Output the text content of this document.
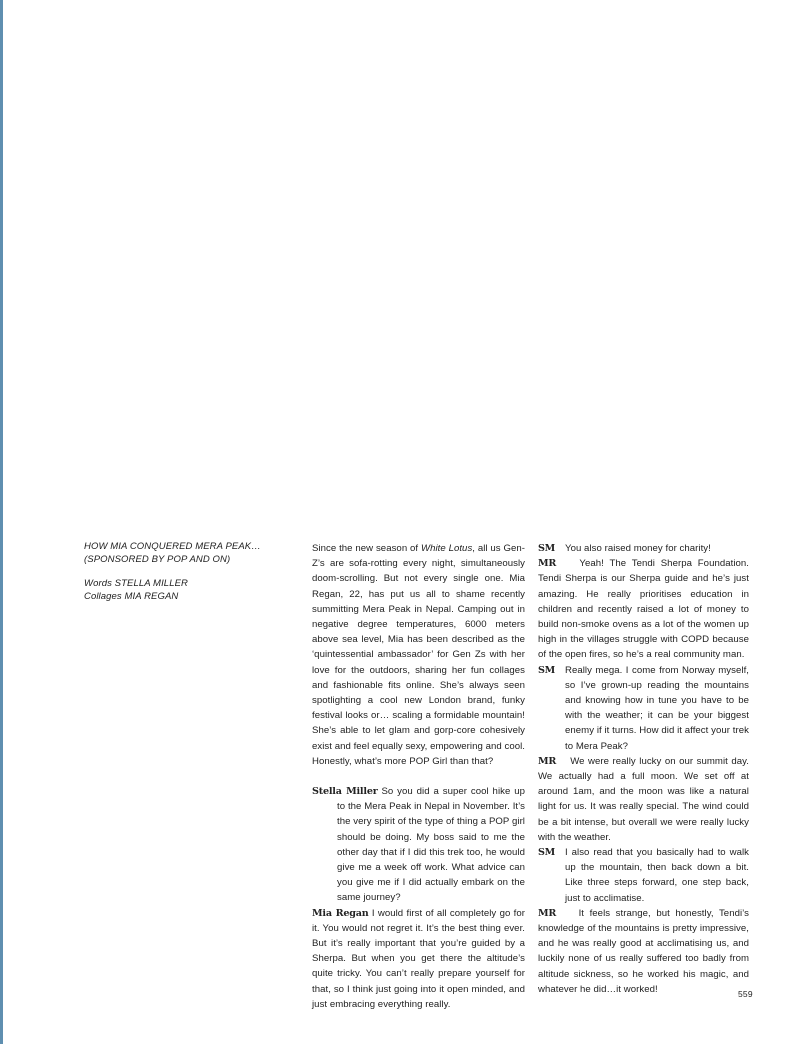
HOW MIA CONQUERED MERA PEAK…
(SPONSORED BY POP AND ON)
Words STELLA MILLER
Collages MIA REGAN

Since the new season of White Lotus, all us Gen-Z’s are sofa-rotting every night, simultaneously doom-scrolling. But not every single one. Mia Regan, 22, has put us all to shame recently summitting Mera Peak in Nepal. Camping out in negative degree temperatures, 6000 meters above sea level, Mia has been described as the ‘quintessential ambassador’ for Gen Zs with her love for the outdoors, sharing her fun collages and fashionable fits online. She’s always seen spotlighting a cool new London brand, funky festival looks or… scaling a formidable mountain! She’s able to let glam and gorp-core cohesively exist and feel equally sexy, empowering and cool. Honestly, what’s more POP Girl than that?

Stella Miller So you did a super cool hike up to the Mera Peak in Nepal in November. It’s the very spirit of the type of thing a POP girl should be doing. My boss said to me the other day that if I did this trek too, he would give me a week off work. What advice can you give me if I did actually embark on the same journey?

Mia Regan I would first of all completely go for it. You would not regret it. It’s the best thing ever. But it’s really important that you’re guided by a Sherpa. But when you get there the altitude’s quite tricky. You can’t really prepare yourself for that, so I think just going into it open minded, and just embracing everything really.

SM	You also raised money for charity!

MR Yeah! The Tendi Sherpa Foundation. Tendi Sherpa is our Sherpa guide and he’s just amazing. He really prioritises education in children and recently raised a lot of money to build non-smoke ovens as a lot of the women up high in the villages struggle with COPD because of the open fires, so he’s a real community man.

SM	Really mega. I come from Norway myself, so I’ve grown-up reading the mountains and knowing how in tune you have to be with the weather; it can be your biggest enemy if it turns. How did it affect your trek to Mera Peak?

MR We were really lucky on our summit day. We actually had a full moon. We set off at around 1am, and the moon was like a natural light for us. It was really special. The wind could be a bit intense, but overall we were really lucky with the weather.

SM	I also read that you basically had to walk up the mountain, then back down a bit. Like three steps forward, one step back, just to acclimatise.

MR It feels strange, but honestly, Tendi’s knowledge of the mountains is pretty impressive, and he was really good at acclimatising us, and luckily none of us really suffered too badly from altitude sickness, so he worked his magic, and whatever he did…it worked!	559
